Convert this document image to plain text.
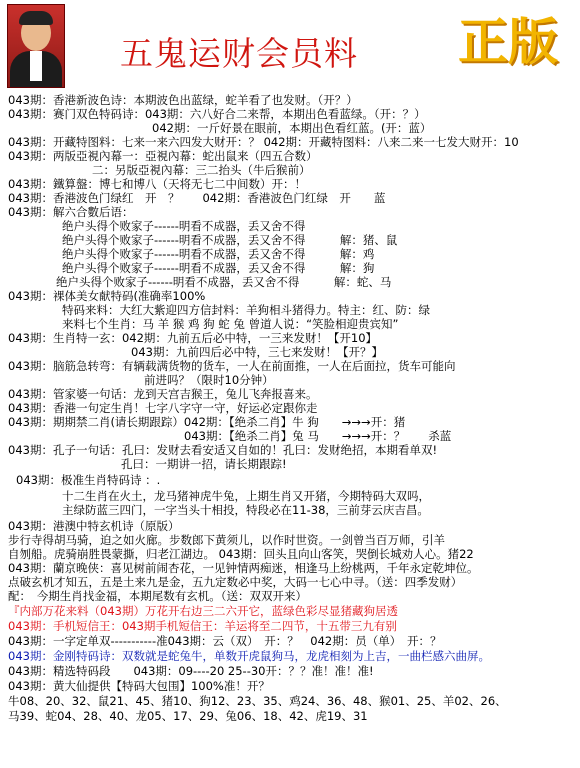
五鬼运财会员料 正版
043期：香港新波色诗：本期波色出蓝绿，蛇羊看了也发财。（开？）
043期：赛门双色特码诗：043期：六八好合二来帮，本期出色看蓝绿。（开：？）
042期：一斤好景在眼前，本期出色看红蓝。(开：蓝）
043期：开藏特图料：七来一来六四发大财开：？ 042期：开藏特图料：八来二来一七发大财开：10
043期：两版亞視內幕一：亞視內幕：蛇出鼠来（四五合数）
二：另版亞視內幕：三二抬头（牛后猴前）
043期：鐵算盤：博七和博八（天将无七二中间数）开：！
043期：香港波色门绿红　开　？　　042期：香港波色门红绿　开　　蓝
043期：解六合數后语：
绝户头得个败家子------明看不成器，丢又舍不得
绝户头得个败家子------明看不成器，丢又舍不得　　　解：猪、鼠
绝户头得个败家子------明看不成器，丢又舍不得　　　解：鸡
绝户头得个败家子------明看不成器，丢又舍不得　　　解：狗
绝户头得个败家子------明看不成器，丢又舍不得　　　解：蛇、马
043期：裸体美女献特码(准确率100%
特码来料：大红大紫迎四方信封料：羊狗相斗猪得力。特主：红、防：绿
来料七个生肖：马 羊 猴 鸡 狗 蛇 兔 曾道人说：“笑脸相迎贵宾知”
043期：生肖特一玄：042期：九前五后必中特，一三来发财！【开10】
043期：九前四后必中特，三七来发财！【开？】
043期：脑筋急转弯：有辆载满货物的货车，一人在前面推，一人在后面拉，货车可能向
前进吗？（限时10分钟）
043期：管家婆一句话：龙到天宫吉猴王，兔儿飞奔报喜来。
043期：香港一句定生肖！七字八字守一守，好运必定跟你走
043期：期期禁二肖(请长期跟踪）042期：【绝杀二肖】牛 狗　　→→→开：猪
043期：【绝杀二肖】兔 马　　→→→开：？　　杀蓝
043期：孔子一句话：孔曰：发财去看安适又自如的！孔曰：发财绝招，本期看单双!
孔曰：一期讲一招，请长期跟踪!
043期：极准生肖特码诗 ：.
十二生肖在火土，龙马猪神虎牛兔，上期生肖又开猪，今期特码大双吗，
主绿防蓝三四门，一字当头十相投，特段必在11-38，三前芽云庆吉昌。
043期：港澳中特玄机诗（原版）
步行寺得胡马骑，迫之如火廊。步数郎下黄须儿，以作时世资。一剑曾当百万师，引羊
自刎船。虎骑崩胜畏蒙撕，归老江湖边。 043期：回头且向山客笑，哭倒长城劝人心。猪22
043期：蘭京晚侠：喜见树前闹杏花，一见钟情两痴迷，相逢马上纷桃两，千年永定乾坤位。
点破玄机才知五，五是土来九是金，五九定数必中奖，大码一七心中寻。（送：四季发财）
配：　今期生肖找金福，本期尾数有玄机。（送：双双开来）
『内部万花来料（043期）万花开右边三二六开它，蓝绿色彩尽显猪藏狗居透
043期：手机短信王：043期手机短信王：羊运将至二四节，十五带三九有别
043期：一字定单双-----------准043期：云（双）　开：？　042期：员（单）　开：？
043期：金刚特码诗：双数就是蛇兔牛，单数开虎鼠狗马，龙虎相刻为上吉，一曲栏感六曲屏。
043期：精选特码段　　043期：09----20 25--30开：？？准！准！准!
043期：黄大仙提供【特码大包围】100%准！开？
牛08、20、32、鼠21、45、猪10、狗12、23、35、鸡24、36、48、猴01、25、羊02、26、
马39、蛇04、28、40、龙05、17、29、兔06、18、42、虎19、31
